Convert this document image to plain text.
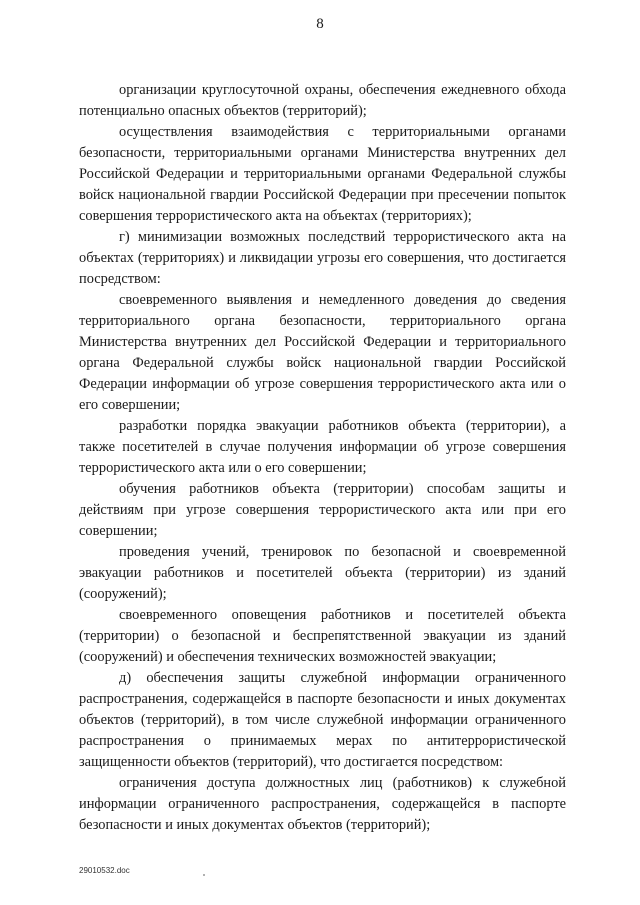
8

организации круглосуточной охраны, обеспечения ежедневного обхода потенциально опасных объектов (территорий);

осуществления взаимодействия с территориальными органами безопасности, территориальными органами Министерства внутренних дел Российской Федерации и территориальными органами Федеральной службы войск национальной гвардии Российской Федерации при пресечении попыток совершения террористического акта на объектах (территориях);

г) минимизации возможных последствий террористического акта на объектах (территориях) и ликвидации угрозы его совершения, что достигается посредством:

своевременного выявления и немедленного доведения до сведения территориального органа безопасности, территориального органа Министерства внутренних дел Российской Федерации и территориального органа Федеральной службы войск национальной гвардии Российской Федерации информации об угрозе совершения террористического акта или о его совершении;

разработки порядка эвакуации работников объекта (территории), а также посетителей в случае получения информации об угрозе совершения террористического акта или о его совершении;

обучения работников объекта (территории) способам защиты и действиям при угрозе совершения террористического акта или при его совершении;

проведения учений, тренировок по безопасной и своевременной эвакуации работников и посетителей объекта (территории) из зданий (сооружений);

своевременного оповещения работников и посетителей объекта (территории) о безопасной и беспрепятственной эвакуации из зданий (сооружений) и обеспечения технических возможностей эвакуации;

д) обеспечения защиты служебной информации ограниченного распространения, содержащейся в паспорте безопасности и иных документах объектов (территорий), в том числе служебной информации ограниченного распространения о принимаемых мерах по антитеррористической защищенности объектов (территорий), что достигается посредством:

ограничения доступа должностных лиц (работников) к служебной информации ограниченного распространения, содержащейся в паспорте безопасности и иных документах объектов (территорий);

29010532.doc
